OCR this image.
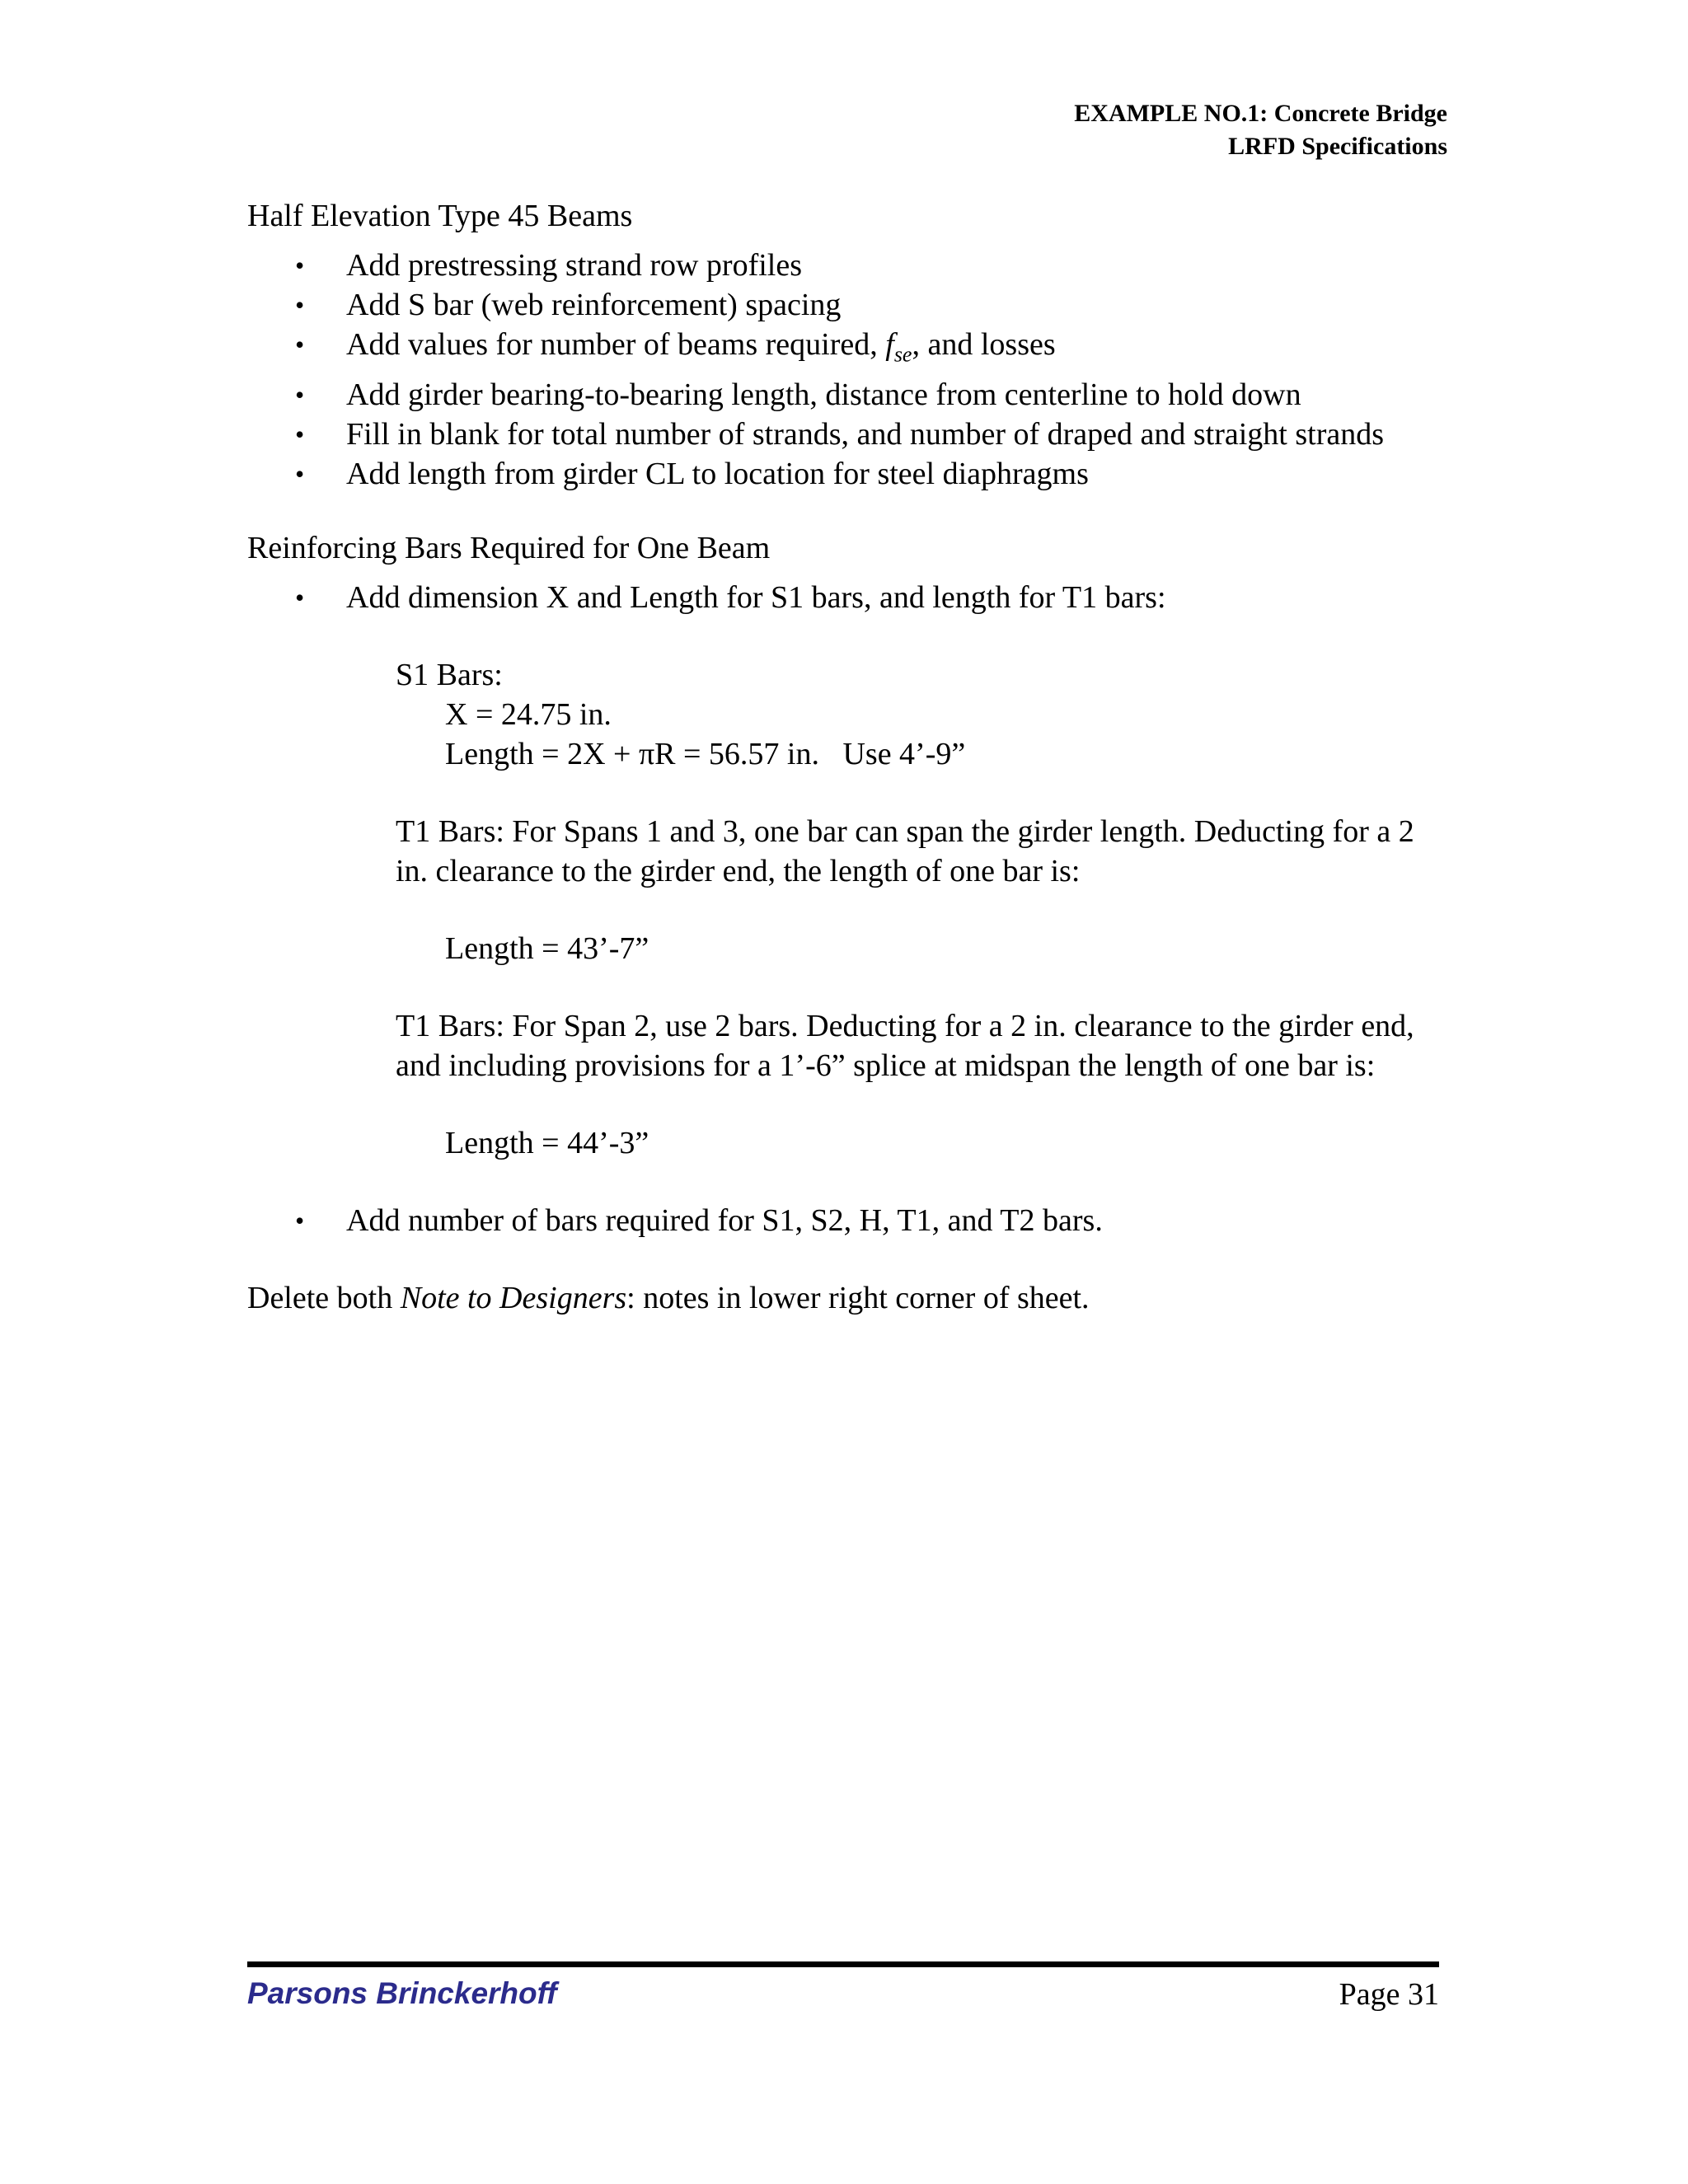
EXAMPLE NO.1: Concrete Bridge
LRFD Specifications

Half Elevation Type 45 Beams

• Add prestressing strand row profiles
• Add S bar (web reinforcement) spacing
• Add values for number of beams required, $f_{se}$, and losses
• Add girder bearing-to-bearing length, distance from centerline to hold down
• Fill in blank for total number of strands, and number of draped and straight strands
• Add length from girder CL to location for steel diaphragms

Reinforcing Bars Required for One Beam

• Add dimension X and Length for S1 bars, and length for T1 bars:
S1 Bars:
X = 24.75 in.
Length = 2X + πR = 56.57 in.   Use 4’-9”
T1 Bars: For Spans 1 and 3, one bar can span the girder length. Deducting for a 2 in. clearance to the girder end, the length of one bar is:
Length = 43’-7”
T1 Bars: For Span 2, use 2 bars. Deducting for a 2 in. clearance to the girder end, and including provisions for a 1’-6” splice at midspan the length of one bar is:
Length = 44’-3”
• Add number of bars required for S1, S2, H, T1, and T2 bars.

Delete both Note to Designers: notes in lower right corner of sheet.

Parsons Brinckerhoff	Page 31
